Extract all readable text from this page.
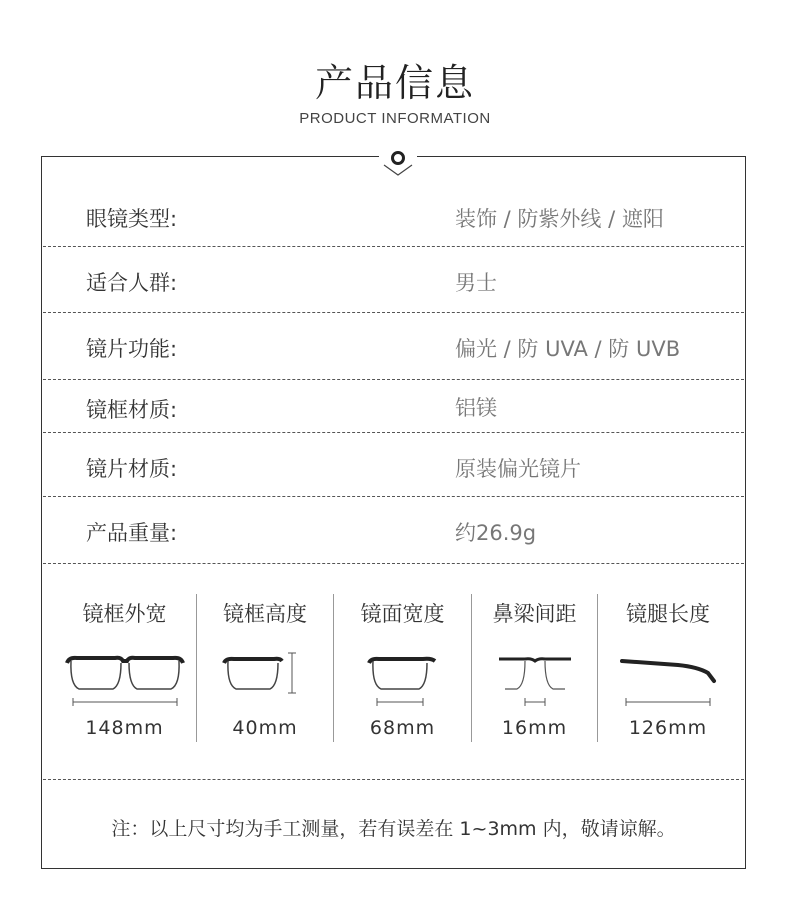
产品信息
PRODUCT INFORMATION
眼镜类型:	装饰 / 防紫外线 / 遮阳
适合人群:	男士
镜片功能:	偏光 / 防 UVA / 防 UVB
镜框材质:	铝镁
镜片材质:	原装偏光镜片
产品重量:	约26.9g
镜框外宽
148mm
镜框高度
40mm
镜面宽度
68mm
鼻梁间距
16mm
镜腿长度
126mm
注：以上尺寸均为手工测量，若有误差在 1~3mm 内，敬请谅解。
